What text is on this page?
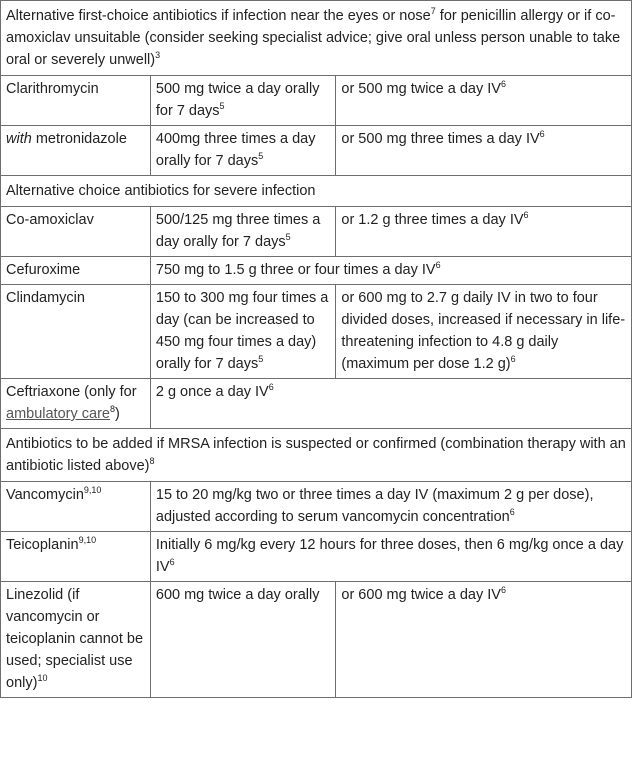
Alternative first-choice antibiotics if infection near the eyes or nose$^7$ for penicillin allergy or if co-amoxiclav unsuitable (consider seeking specialist advice; give oral unless person unable to take oral or severely unwell)$^3$
Clarithromycin	500 mg twice a day orally for 7 days$^5$	or 500 mg twice a day $IV^6$
with metronidazole	400mg three times a day orally for 7 days$^5$	or 500 mg three times a day $IV^6$
Alternative choice antibiotics for severe infection		
Co-amoxiclav	500/125 mg three times a day orally for 7 days$^5$	or 1.2 g three times a day $IV^6$
Cefuroxime	750 mg to 1.5 g three or four times a day $IV^6$
Clindamycin	150 to 300 mg four times a day (can be increased to 450 mg four times a day) orally for 7 days$^5$	or 600 mg to 2.7 g daily IV in two to four divided doses, increased if necessary in life-threatening infection to 4.8 g daily (maximum per dose 1.2 g)$^6$
Ceftriaxone (only for ambulatory care$^8$)	2 g once a day $IV^6$
Antibiotics to be added if MRSA infection is suspected or confirmed (combination therapy with an antibiotic listed above)$^8$
Vancomycin$^{9,10}$	15 to 20 mg/kg two or three times a day IV (maximum 2 g per dose), adjusted according to serum vancomycin concentration$^6$
Teicoplanin$^{9,10}$	Initially 6 mg/kg every 12 hours for three doses, then 6 mg/kg once a day $IV^6$
Linezolid (if vancomycin or teicoplanin cannot be used; specialist use only)$^{10}$	600 mg twice a day orally	or 600 mg twice a day $IV^6$
